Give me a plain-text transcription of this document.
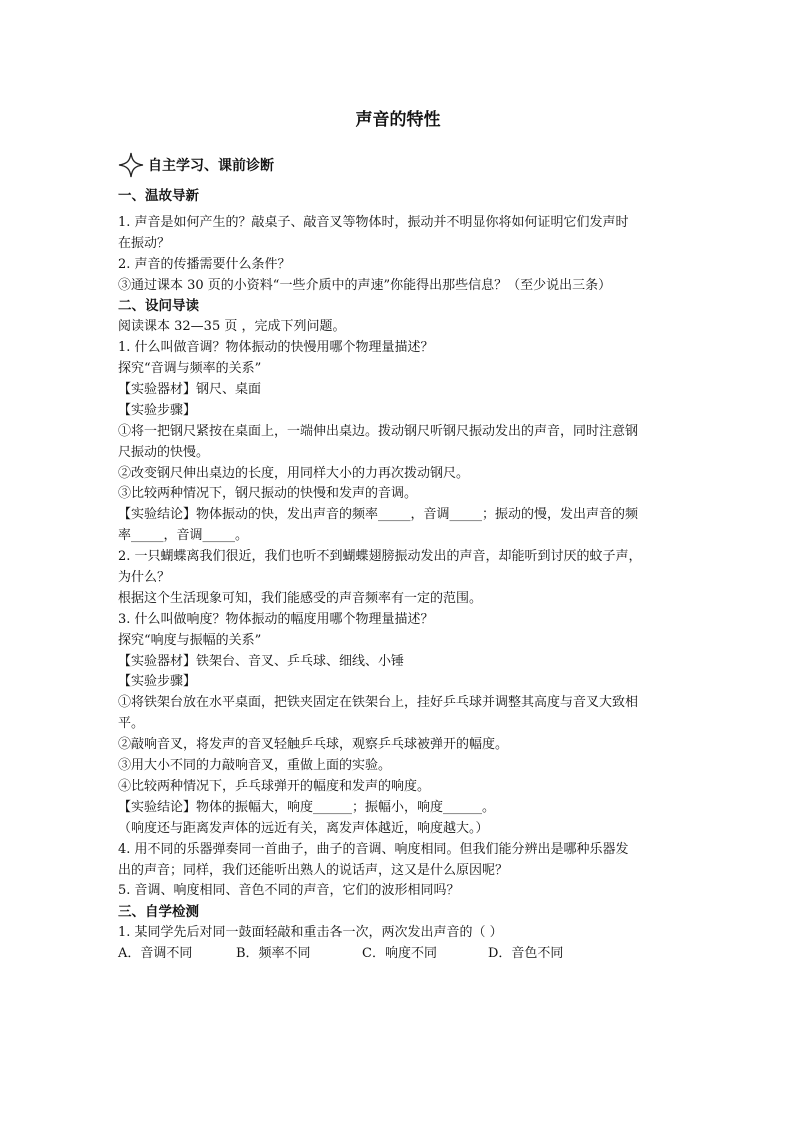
声音的特性
自主学习、课前诊断
一、温故导新
1. 声音是如何产生的？敲桌子、敲音叉等物体时，振动并不明显你将如何证明它们发声时
在振动？
2. 声音的传播需要什么条件？
③通过课本 30 页的小资料“一些介质中的声速”你能得出那些信息？（至少说出三条）
二、设问导读
阅读课本 32—35 页 ，完成下列问题。
1. 什么叫做音调？物体振动的快慢用哪个物理量描述？
探究“音调与频率的关系”
【实验器材】钢尺、桌面
【实验步骤】
①将一把钢尺紧按在桌面上，一端伸出桌边。拨动钢尺听钢尺振动发出的声音，同时注意钢
尺振动的快慢。
②改变钢尺伸出桌边的长度，用同样大小的力再次拨动钢尺。
③比较两种情况下，钢尺振动的快慢和发声的音调。
【实验结论】物体振动的快，发出声音的频率_____，音调_____；振动的慢，发出声音的频
率_____，音调_____。
2. 一只蝴蝶离我们很近，我们也听不到蝴蝶翅膀振动发出的声音，却能听到讨厌的蚊子声，
为什么？
根据这个生活现象可知，我们能感受的声音频率有一定的范围。
3. 什么叫做响度？物体振动的幅度用哪个物理量描述？
探究“响度与振幅的关系”
【实验器材】铁架台、音叉、乒乓球、细线、小锤
【实验步骤】
①将铁架台放在水平桌面，把铁夹固定在铁架台上，挂好乒乓球并调整其高度与音叉大致相
平。
②敲响音叉，将发声的音叉轻触乒乓球，观察乒乓球被弹开的幅度。
③用大小不同的力敲响音叉，重做上面的实验。
④比较两种情况下，乒乓球弹开的幅度和发声的响度。
【实验结论】物体的振幅大，响度______；振幅小，响度______。
（响度还与距离发声体的远近有关，离发声体越近，响度越大。）
4. 用不同的乐器弹奏同一首曲子，曲子的音调、响度相同。但我们能分辨出是哪种乐器发
出的声音；同样，我们还能听出熟人的说话声，这又是什么原因呢？
5. 音调、响度相同、音色不同的声音，它们的波形相同吗？
三、自学检测
1. 某同学先后对同一鼓面轻敲和重击各一次，两次发出声音的（ ）
A．音调不同	B．频率不同	C．响度不同	D．音色不同
